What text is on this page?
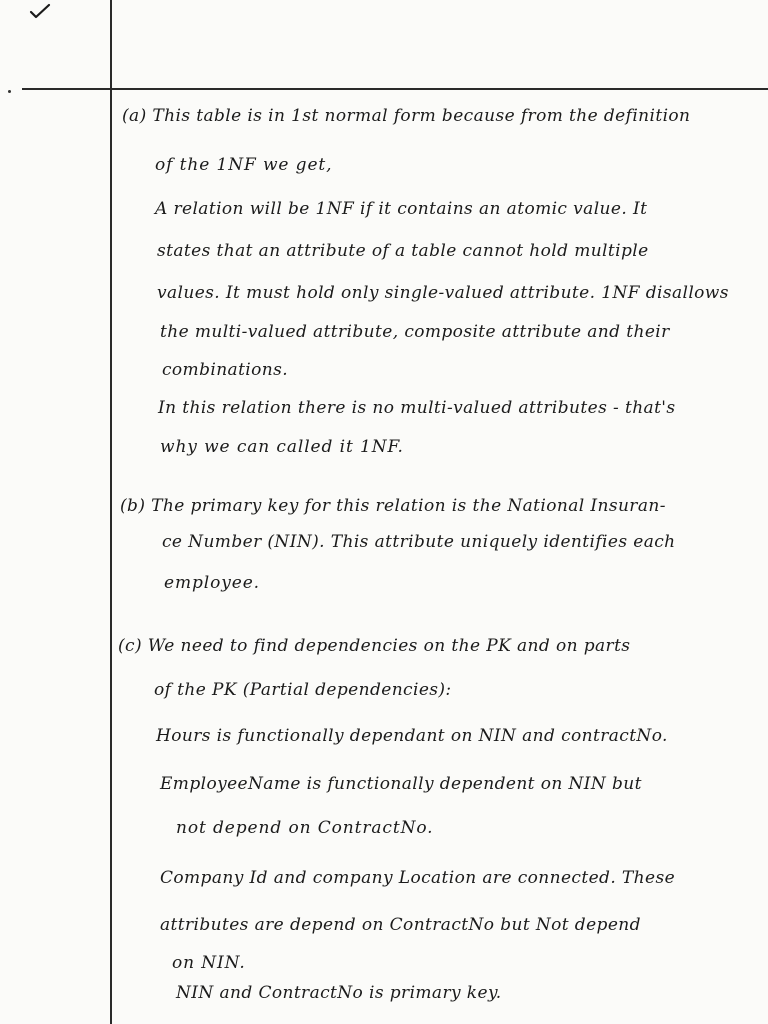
(a) This table is in 1st normal form because from the definition
of the 1NF we get,
A relation will be 1NF if it contains an atomic value. It
states that an attribute of a table cannot hold multiple
values. It must hold only single-valued attribute. 1NF disallows
the multi-valued attribute, composite attribute and their
combinations.
In this relation there is no multi-valued attributes - that's
why we can called it 1NF.
(b) The primary key for this relation is the National Insuran-
ce Number (NIN). This attribute uniquely identifies each
employee.
(c) We need to find dependencies on the PK and on parts
of the PK (Partial dependencies):
Hours is functionally dependant on NIN and contractNo.
EmployeeName is functionally dependent on NIN but
not depend on ContractNo.
Company Id and company Location are connected. These
attributes are depend on ContractNo but Not depend
on NIN.
NIN and ContractNo is primary key.
